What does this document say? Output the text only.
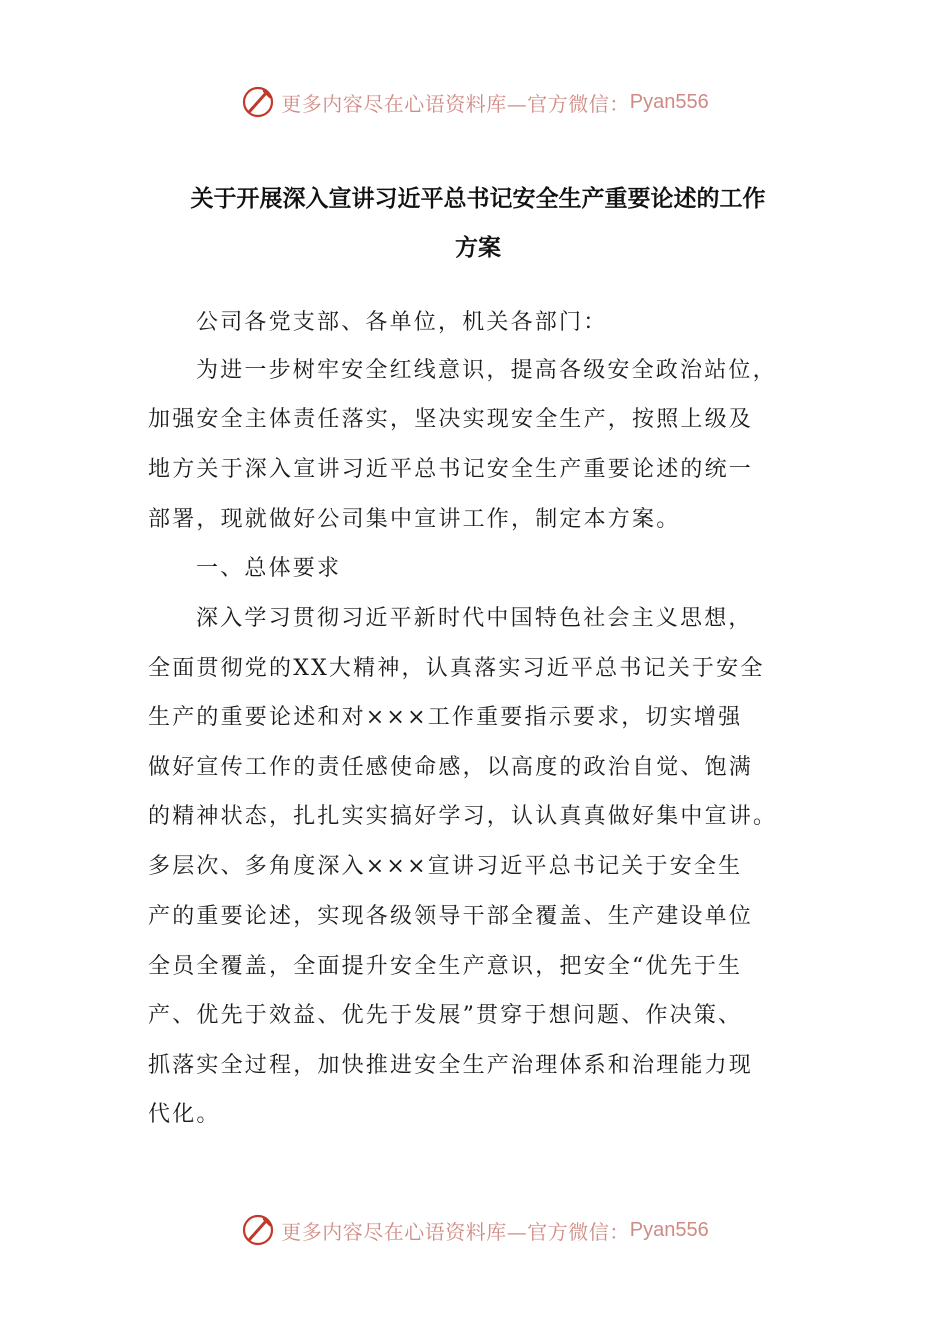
更多内容尽在心语资料库—官方微信： Pyan556
关于开展深入宣讲习近平总书记安全生产重要论述的工作
方案
公司各党支部、各单位，机关各部门：
为进一步树牢安全红线意识，提高各级安全政治站位，
加强安全主体责任落实，坚决实现安全生产，按照上级及
地方关于深入宣讲习近平总书记安全生产重要论述的统一
部署，现就做好公司集中宣讲工作，制定本方案。
一、总体要求
深入学习贯彻习近平新时代中国特色社会主义思想，
全面贯彻党的XX大精神，认真落实习近平总书记关于安全
生产的重要论述和对×××工作重要指示要求，切实增强
做好宣传工作的责任感使命感，以高度的政治自觉、饱满
的精神状态，扎扎实实搞好学习，认认真真做好集中宣讲。
多层次、多角度深入×××宣讲习近平总书记关于安全生
产的重要论述，实现各级领导干部全覆盖、生产建设单位
全员全覆盖，全面提升安全生产意识，把安全“优先于生
产、优先于效益、优先于发展”贯穿于想问题、作决策、
抓落实全过程，加快推进安全生产治理体系和治理能力现
代化。
更多内容尽在心语资料库—官方微信： Pyan556
